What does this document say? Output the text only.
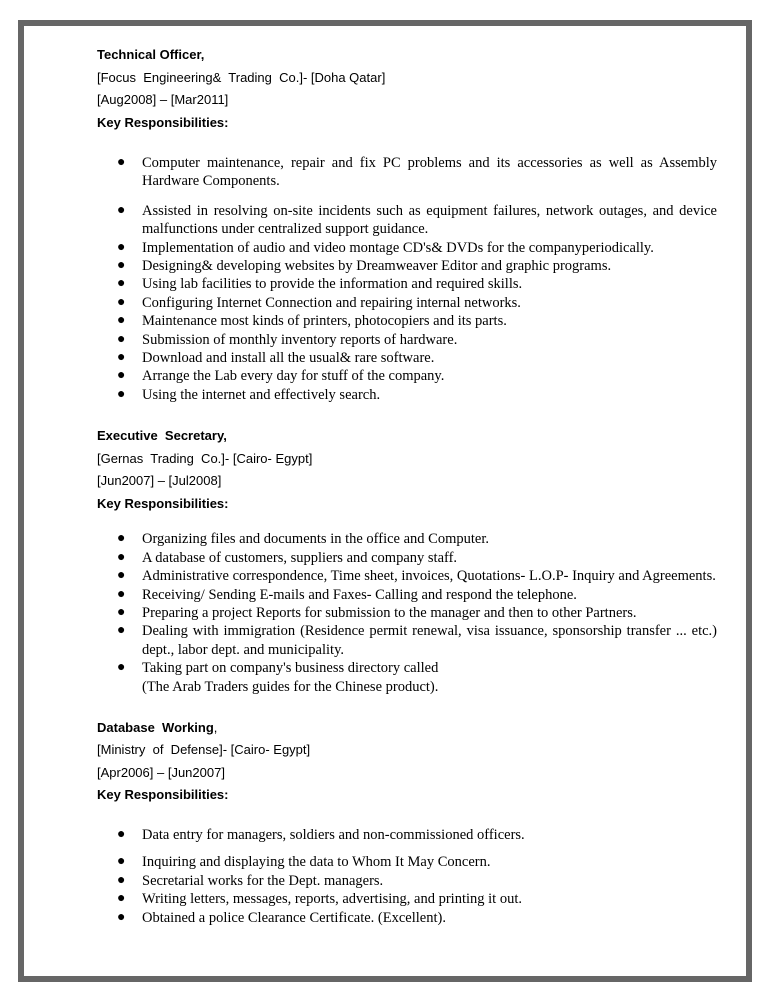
Technical Officer,
[Focus  Engineering&  Trading  Co.]- [Doha Qatar]
[Aug2008] – [Mar2011]
Key Responsibilities:
● Computer maintenance, repair and fix PC problems and its accessories as well as Assembly Hardware Components.
● Assisted in resolving on-site incidents such as equipment failures, network outages, and device malfunctions under centralized support guidance.
● Implementation of audio and video montage CD's& DVDs for the companyperiodically.
● Designing& developing websites by Dreamweaver Editor and graphic programs.
● Using lab facilities to provide the information and required skills.
● Configuring Internet Connection and repairing internal networks.
● Maintenance most kinds of printers, photocopiers and its parts.
● Submission of monthly inventory reports of hardware.
● Download and install all the usual& rare software.
● Arrange the Lab every day for stuff of the company.
● Using the internet and effectively search.
Executive  Secretary,
[Gernas  Trading  Co.]- [Cairo- Egypt]
[Jun2007] – [Jul2008]
Key Responsibilities:
● Organizing files and documents in the office and Computer.
● A database of customers, suppliers and company staff.
● Administrative correspondence, Time sheet, invoices, Quotations- L.O.P- Inquiry and Agreements.
● Receiving/ Sending E-mails and Faxes- Calling and respond the telephone.
● Preparing a project Reports for submission to the manager and then to other Partners.
● Dealing with immigration (Residence permit renewal, visa issuance, sponsorship transfer ... etc.) dept., labor dept. and municipality.
● Taking part on company's business directory called
(The Arab Traders guides for the Chinese product).
Database  Working,
[Ministry  of  Defense]- [Cairo- Egypt]
[Apr2006] – [Jun2007]
Key Responsibilities:
● Data entry for managers, soldiers and non-commissioned officers.
● Inquiring and displaying the data to Whom It May Concern.
● Secretarial works for the Dept. managers.
● Writing letters, messages, reports, advertising, and printing it out.
● Obtained a police Clearance Certificate. (Excellent).
